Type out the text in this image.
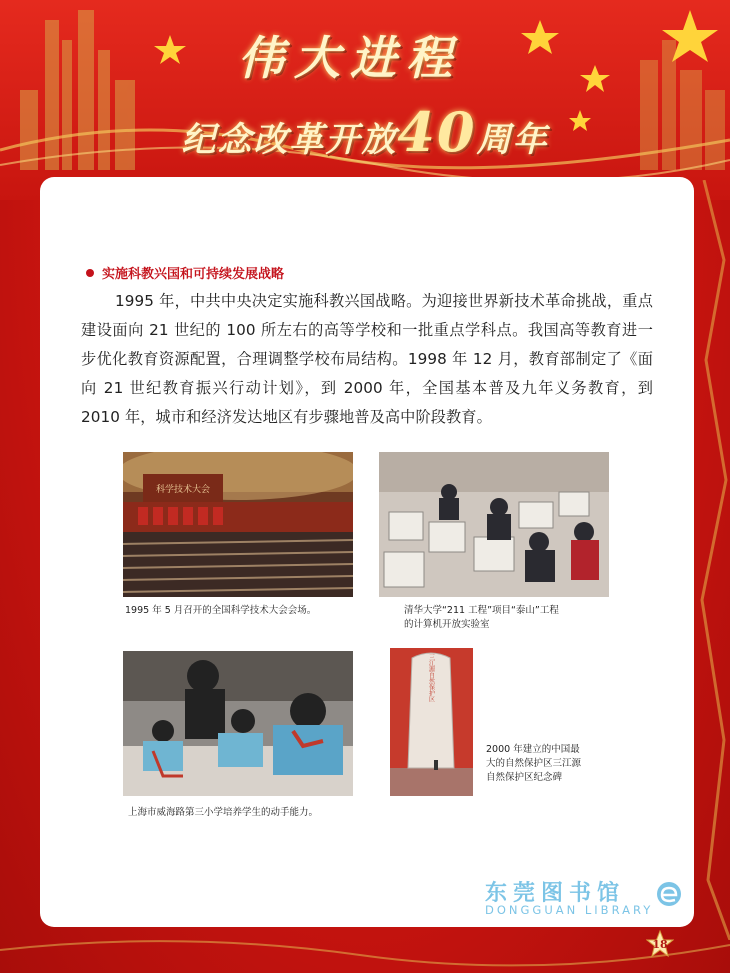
伟大进程
纪念改革开放40周年
实施科教兴国和可持续发展战略
1995 年，中共中央决定实施科教兴国战略。为迎接世界新技术革命挑战，重点建设面向 21 世纪的 100 所左右的高等学校和一批重点学科点。我国高等教育进一步优化教育资源配置，合理调整学校布局结构。1998 年 12 月，教育部制定了《面向 21 世纪教育振兴行动计划》，到 2000 年，全国基本普及九年义务教育，到 2010 年，城市和经济发达地区有步骤地普及高中阶段教育。
科学技术大会
1995 年 5 月召开的全国科学技术大会会场。	清华大学“211 工程”项目“泰山”工程
的计算机开放实验室
上海市威海路第三小学培养学生的动手能力。
三江源自然保护区
2000 年建立的中国最
大的自然保护区三江源
自然保护区纪念碑
东莞图书馆
DONGGUAN LIBRARY
18
